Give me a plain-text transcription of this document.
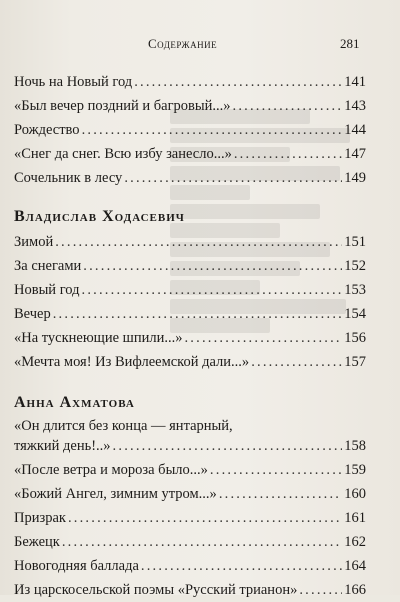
Содержание	281
Ночь на Новый год .....	141
«Был вечер поздний и багровый...» .....	143
Рождество .....	144
«Снег да снег. Всю избу занесло...» .....	147
Сочельник в лесу .....	149
Владислав Ходасевич
Зимой .....	151
За снегами .....	152
Новый год .....	153
Вечер .....	154
«На тускнеющие шпили...» .....	156
«Мечта моя! Из Вифлеемской дали...» .....	157
Анна Ахматова
«Он длится без конца — янтарный,
тяжкий день!..» .....	158
«После ветра и мороза было...» .....	159
«Божий Ангел, зимним утром...» .....	160
Призрак .....	161
Бежецк .....	162
Новогодняя баллада .....	164
Из царскосельской поэмы «Русский трианон» .....	166
